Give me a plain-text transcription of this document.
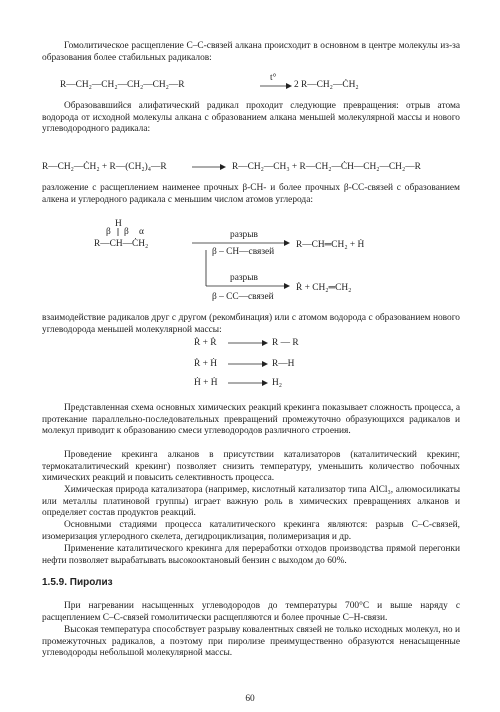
Гомолитическое расщепление С–С-связей алкана происходит в основном в центре молекулы из-за образования более стабильных радикалов:

R—CH₂—CH₂—CH₂—CH₂—R	2 R—CH₂—ĊH₂

Образовавшийся алифатический радикал проходит следующие превращения: отрыв атома водорода от исходной молекулы алкана с образованием алкана меньшей молекулярной массы и нового углеводородного радикала:

R—CH₂—ĊH₂ + R—(CH₂)₄—R	R—CH₂—CH₃ + R—CH₂—ĊH—CH₂—CH₂—R

разложение с расщеплением наименее прочных β-CH- и более прочных β-CC-связей с образованием алкена и углеродного радикала с меньшим числом атомов углерода:

t°
H
β β α
R—CH—ĊH₂
разрыв
β – CH—связей
R—CH═CH₂ + Ḣ
разрыв
β – CC—связей
Ṙ + CH₂═CH₂

взаимодействие радикалов друг с другом (рекомбинация) или с атомом водорода с образованием нового углеводорода меньшей молекулярной массы:

Ṙ + Ṙ	R — R
Ṙ + Ḣ	R—H
Ḣ + Ḣ	H₂

Представленная схема основных химических реакций крекинга показывает сложность процесса, а протекание параллельно-последовательных превращений промежуточно образующихся радикалов и молекул приводит к образованию смеси углеводородов различного строения.

Проведение крекинга алканов в присутствии катализаторов (каталитический крекинг, термокаталитический крекинг) позволяет снизить температуру, уменьшить количество побочных химических реакций и повысить селективность процесса.

Химическая природа катализатора (например, кислотный катализатор типа AlCl₃, алюмосиликаты или металлы платиновой группы) играет важную роль в химических превращениях алканов и определяет состав продуктов реакций.

Основными стадиями процесса каталитического крекинга являются: разрыв С–С-связей, изомеризация углеродного скелета, дегидроциклизация, полимеризация и др.

Применение каталитического крекинга для переработки отходов производства прямой перегонки нефти позволяет вырабатывать высокооктановый бензин с выходом до 60%.

1.5.9. Пиролиз

При нагревании насыщенных углеводородов до температуры 700°С и выше наряду с расщеплением С–С-связей гомолитически расщепляются и более прочные С–Н-связи.

Высокая температура способствует разрыву ковалентных связей не только исходных молекул, но и промежуточных радикалов, а поэтому при пиролизе преимущественно образуются ненасыщенные углеводороды небольшой молекулярной массы.

60
